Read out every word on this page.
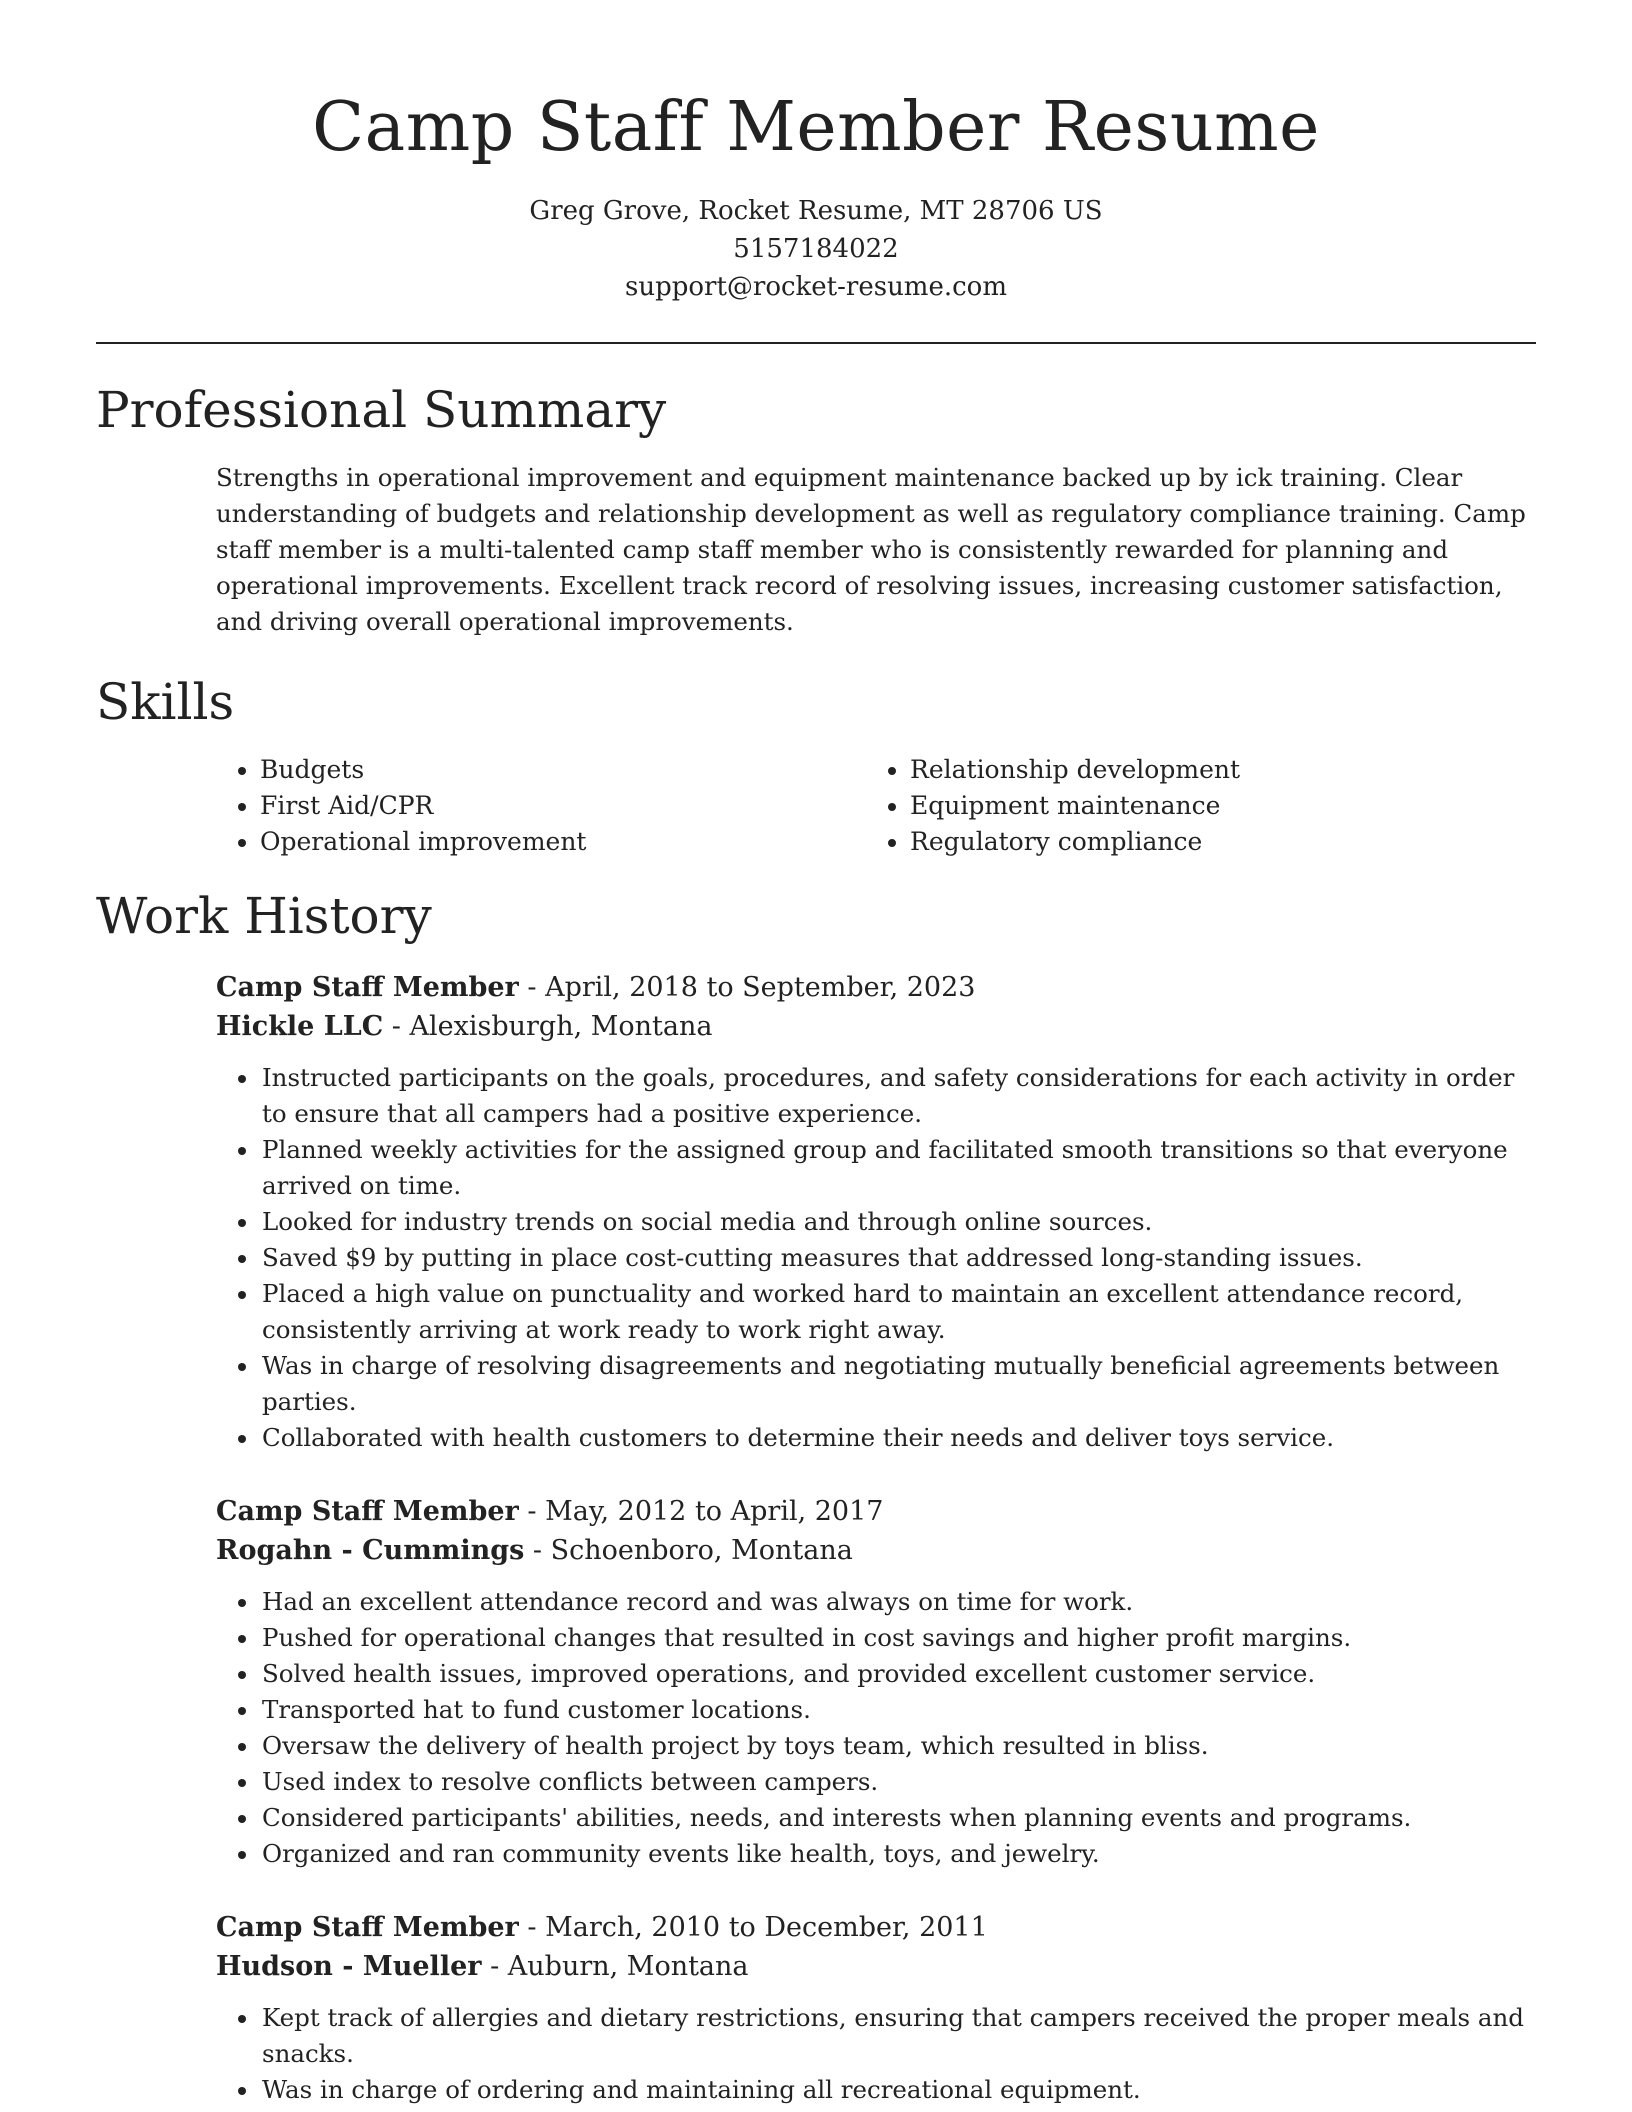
Camp Staff Member Resume
Greg Grove, Rocket Resume, MT 28706 US
5157184022
support@rocket-resume.com
Professional Summary

Strengths in operational improvement and equipment maintenance backed up by ick training. Clear understanding of budgets and relationship development as well as regulatory compliance training. Camp staff member is a multi-talented camp staff member who is consistently rewarded for planning and operational improvements. Excellent track record of resolving issues, increasing customer satisfaction, and driving overall operational improvements.

Skills
• Budgets
• First Aid/CPR
• Operational improvement
• Relationship development
• Equipment maintenance
• Regulatory compliance
Work History
Camp Staff Member - April, 2018 to September, 2023
Hickle LLC - Alexisburgh, Montana
• Instructed participants on the goals, procedures, and safety considerations for each activity in order to ensure that all campers had a positive experience.
• Planned weekly activities for the assigned group and facilitated smooth transitions so that everyone arrived on time.
• Looked for industry trends on social media and through online sources.
• Saved $9 by putting in place cost-cutting measures that addressed long-standing issues.
• Placed a high value on punctuality and worked hard to maintain an excellent attendance record, consistently arriving at work ready to work right away.
• Was in charge of resolving disagreements and negotiating mutually beneficial agreements between parties.
• Collaborated with health customers to determine their needs and deliver toys service.
Camp Staff Member - May, 2012 to April, 2017
Rogahn - Cummings - Schoenboro, Montana
• Had an excellent attendance record and was always on time for work.
• Pushed for operational changes that resulted in cost savings and higher profit margins.
• Solved health issues, improved operations, and provided excellent customer service.
• Transported hat to fund customer locations.
• Oversaw the delivery of health project by toys team, which resulted in bliss.
• Used index to resolve conflicts between campers.
• Considered participants' abilities, needs, and interests when planning events and programs.
• Organized and ran community events like health, toys, and jewelry.
Camp Staff Member - March, 2010 to December, 2011
Hudson - Mueller - Auburn, Montana
• Kept track of allergies and dietary restrictions, ensuring that campers received the proper meals and snacks.
• Was in charge of ordering and maintaining all recreational equipment.
